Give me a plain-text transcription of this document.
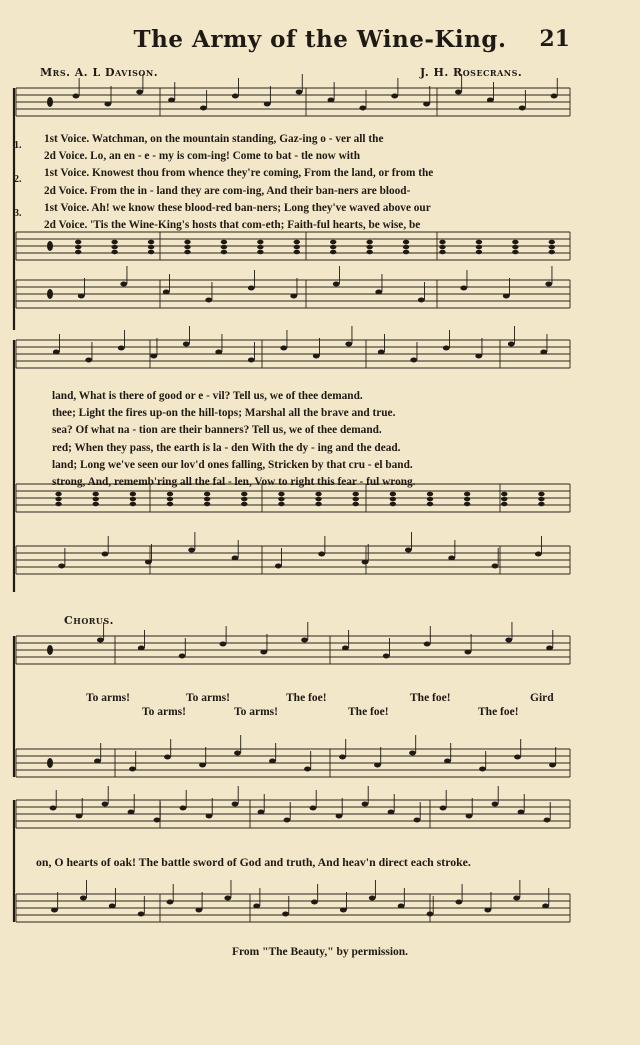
The Army of the Wine-King.	21
Mrs. A. L Davison.	J. H. Rosecrans.
1.
2.
3.
1st Voice. Watchman, on the mountain standing, Gaz-ing o - ver all the
2d Voice. Lo, an en - e - my is com-ing! Come to bat - tle now with
1st Voice. Knowest thou from whence they're coming, From the land, or from the
2d Voice. From the in - land they are com-ing, And their ban-ners are blood-
1st Voice. Ah! we know these blood-red ban-ners; Long they've waved above our
2d Voice. 'Tis the Wine-King's hosts that com-eth; Faith-ful hearts, be wise, be
land, What is there of good or e - vil? Tell us, we of thee demand.
thee; Light the fires up-on the hill-tops; Marshal all the brave and true.
sea? Of what na - tion are their banners? Tell us, we of thee demand.
red; When they pass, the earth is la - den With the dy - ing and the dead.
land; Long we've seen our lov'd ones falling, Stricken by that cru - el band.
strong, And, rememb'ring all the fal - len, Vow to right this fear - ful wrong.
Chorus.
To arms!	To arms!	The foe!	The foe!	Gird
To arms!	To arms!	The foe!	The foe!
on, O hearts of oak! The battle sword of God and truth, And heav'n direct each stroke.
From "The Beauty," by permission.
